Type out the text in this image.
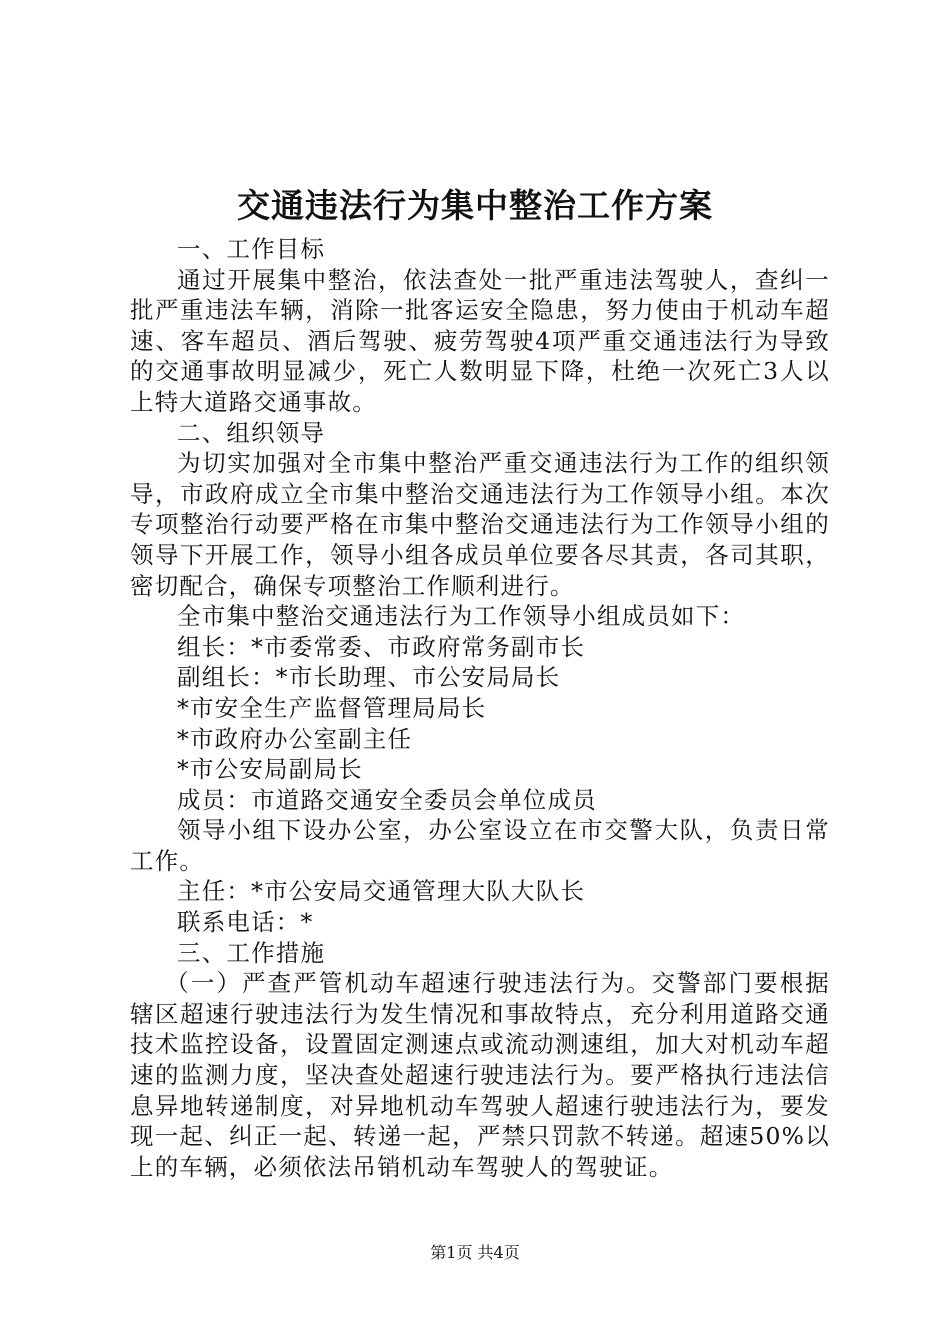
交通违法行为集中整治工作方案

一、工作目标

通过开展集中整治，依法查处一批严重违法驾驶人，查纠一批严重违法车辆，消除一批客运安全隐患，努力使由于机动车超速、客车超员、酒后驾驶、疲劳驾驶4项严重交通违法行为导致的交通事故明显减少，死亡人数明显下降，杜绝一次死亡3人以上特大道路交通事故。

二、组织领导

为切实加强对全市集中整治严重交通违法行为工作的组织领导，市政府成立全市集中整治交通违法行为工作领导小组。本次专项整治行动要严格在市集中整治交通违法行为工作领导小组的领导下开展工作，领导小组各成员单位要各尽其责，各司其职，密切配合，确保专项整治工作顺利进行。

全市集中整治交通违法行为工作领导小组成员如下：

组长：*市委常委、市政府常务副市长

副组长：*市长助理、市公安局局长

*市安全生产监督管理局局长

*市政府办公室副主任

*市公安局副局长

成员：市道路交通安全委员会单位成员

领导小组下设办公室，办公室设立在市交警大队，负责日常工作。

主任：*市公安局交通管理大队大队长

联系电话：*

三、工作措施

（一）严查严管机动车超速行驶违法行为。交警部门要根据辖区超速行驶违法行为发生情况和事故特点，充分利用道路交通技术监控设备，设置固定测速点或流动测速组，加大对机动车超速的监测力度，坚决查处超速行驶违法行为。要严格执行违法信息异地转递制度，对异地机动车驾驶人超速行驶违法行为，要发现一起、纠正一起、转递一起，严禁只罚款不转递。超速50%以上的车辆，必须依法吊销机动车驾驶人的驾驶证。

第1页 共4页
